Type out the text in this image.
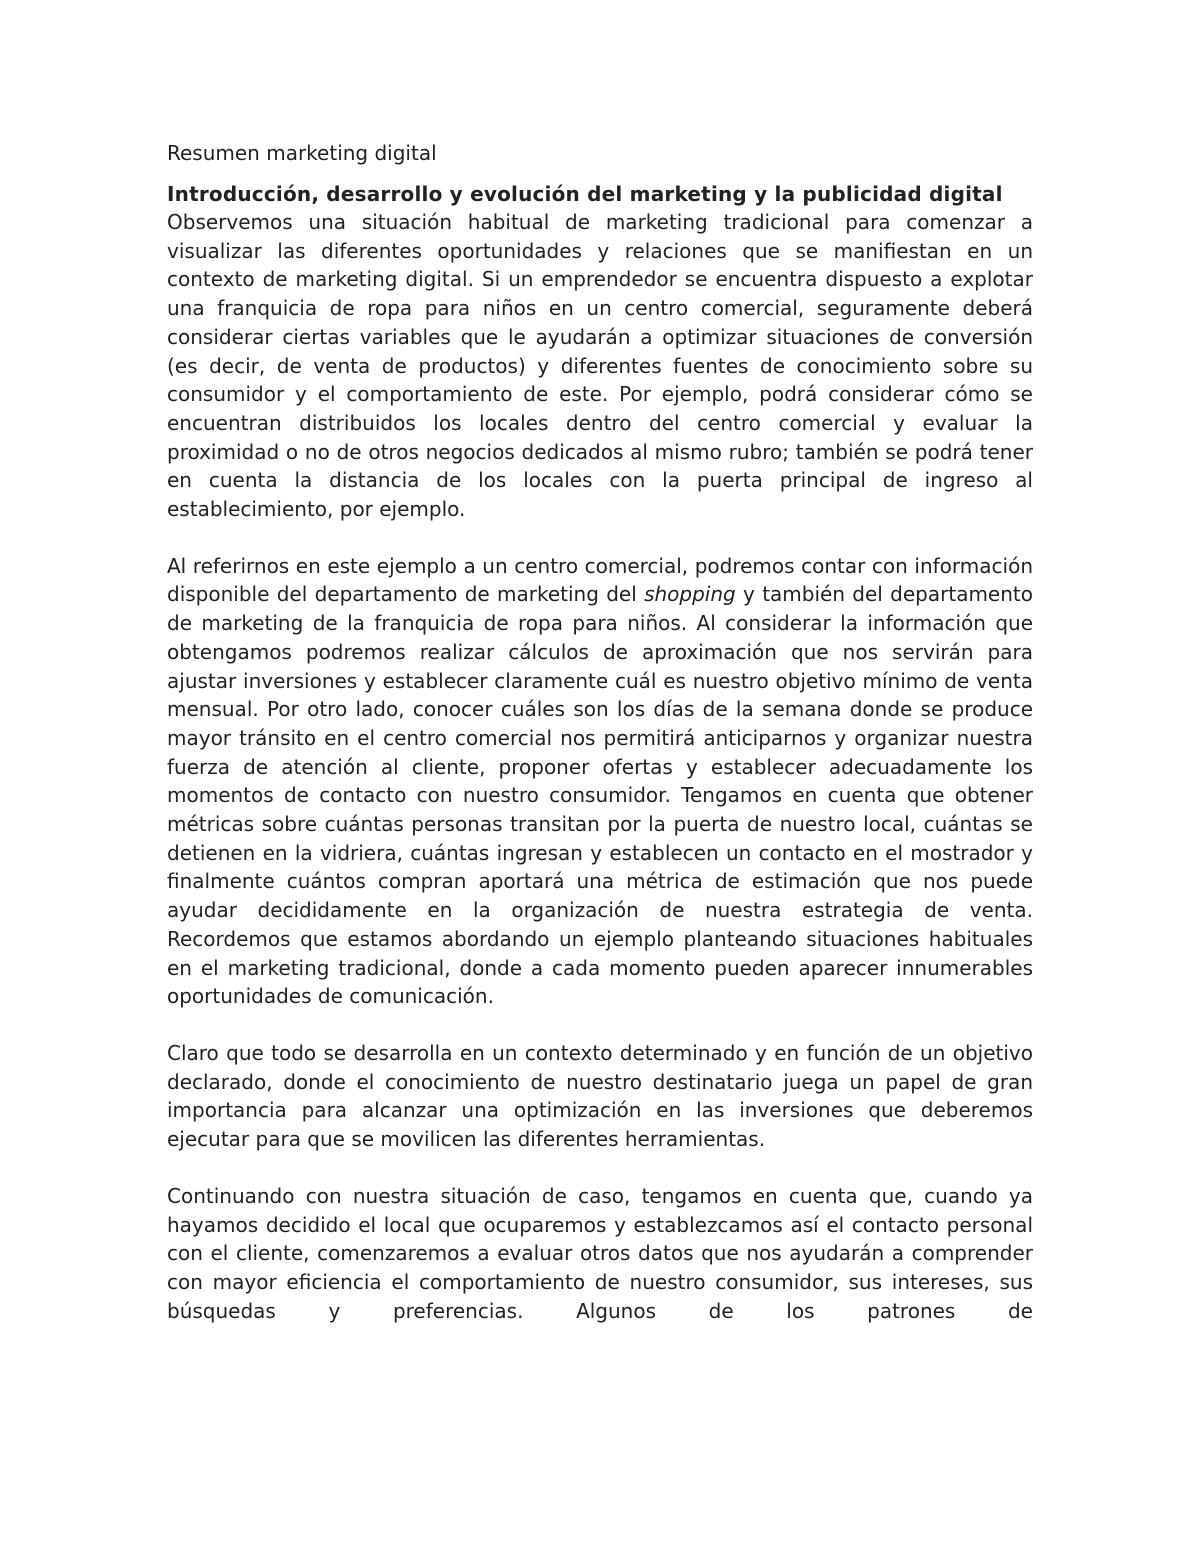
Resumen marketing digital

Introducción, desarrollo y evolución del marketing y la publicidad digital

Observemos una situación habitual de marketing tradicional para comenzar a visualizar las diferentes oportunidades y relaciones que se manifiestan en un contexto de marketing digital. Si un emprendedor se encuentra dispuesto a explotar una franquicia de ropa para niños en un centro comercial, seguramente deberá considerar ciertas variables que le ayudarán a optimizar situaciones de conversión (es decir, de venta de productos) y diferentes fuentes de conocimiento sobre su consumidor y el comportamiento de este. Por ejemplo, podrá considerar cómo se encuentran distribuidos los locales dentro del centro comercial y evaluar la proximidad o no de otros negocios dedicados al mismo rubro; también se podrá tener en cuenta la distancia de los locales con la puerta principal de ingreso al establecimiento, por ejemplo.

Al referirnos en este ejemplo a un centro comercial, podremos contar con información disponible del departamento de marketing del shopping y también del departamento de marketing de la franquicia de ropa para niños. Al considerar la información que obtengamos podremos realizar cálculos de aproximación que nos servirán para ajustar inversiones y establecer claramente cuál es nuestro objetivo mínimo de venta mensual. Por otro lado, conocer cuáles son los días de la semana donde se produce mayor tránsito en el centro comercial nos permitirá anticiparnos y organizar nuestra fuerza de atención al cliente, proponer ofertas y establecer adecuadamente los momentos de contacto con nuestro consumidor. Tengamos en cuenta que obtener métricas sobre cuántas personas transitan por la puerta de nuestro local, cuántas se detienen en la vidriera, cuántas ingresan y establecen un contacto en el mostrador y finalmente cuántos compran aportará una métrica de estimación que nos puede ayudar decididamente en la organización de nuestra estrategia de venta. Recordemos que estamos abordando un ejemplo planteando situaciones habituales en el marketing tradicional, donde a cada momento pueden aparecer innumerables oportunidades de comunicación.

Claro que todo se desarrolla en un contexto determinado y en función de un objetivo declarado, donde el conocimiento de nuestro destinatario juega un papel de gran importancia para alcanzar una optimización en las inversiones que deberemos ejecutar para que se movilicen las diferentes herramientas.

Continuando con nuestra situación de caso, tengamos en cuenta que, cuando ya hayamos decidido el local que ocuparemos y establezcamos así el contacto personal con el cliente, comenzaremos a evaluar otros datos que nos ayudarán a comprender con mayor eficiencia el comportamiento de nuestro consumidor, sus intereses, sus búsquedas y preferencias. Algunos de los patrones de
